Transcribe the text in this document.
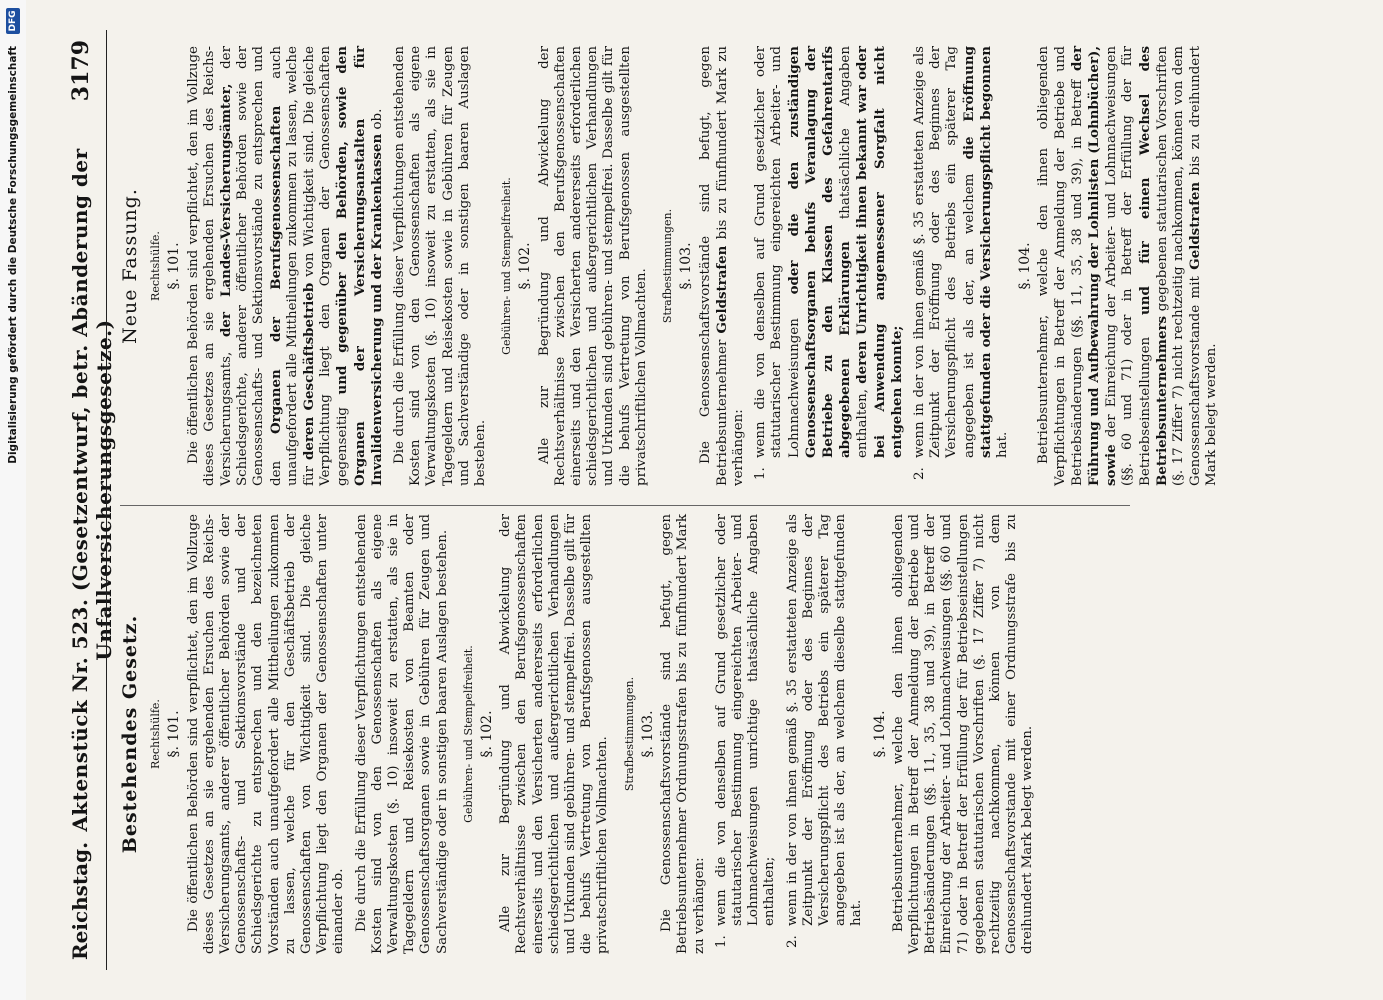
Digitalisierung gefördert durch die Deutsche Forschungsgemeinschaft
DFG
Reichstag.
Aktenstück Nr. 523. (Gesetzentwurf, betr. Abänderung der Unfallversicherungsgesetze.)
3179
Bestehendes Gesetz. Rechtshülfe. §. 101. Die öffentlichen Behörden sind verpflichtet, den im Vollzuge dieses Gesetzes an sie ergehenden Ersuchen des Reichs-Versicherungsamts, anderer öffentlicher Behörden sowie der Genossenschafts- und Sektionsvorstände und der Schiedsgerichte zu entsprechen und den bezeichneten Vorständen auch unaufgefordert alle Mittheilungen zukommen zu lassen, welche für den Geschäftsbetrieb der Genossenschaften von Wichtigkeit sind. Die gleiche Verpflichtung liegt den Organen der Genossenschaften unter einander ob. Die durch die Erfüllung dieser Verpflichtungen entstehenden Kosten sind von den Genossenschaften als eigene Verwaltungskosten (§. 10) insoweit zu erstatten, als sie in Tagegeldern und Reisekosten von Beamten oder Genossenschaftsorganen sowie in Gebühren für Zeugen und Sachverständige oder in sonstigen baaren Auslagen bestehen. Gebühren- und Stempelfreiheit. §. 102. Alle zur Begründung und Abwickelung der Rechtsverhältnisse zwischen den Berufsgenossenschaften einerseits und den Versicherten andererseits erforderlichen schiedsgerichtlichen und außergerichtlichen Verhandlungen und Urkunden sind gebühren- und stempelfrei. Dasselbe gilt für die behufs Vertretung von Berufsgenossen ausgestellten privatschriftlichen Vollmachten.

Strafbestimmungen. §. 103. Die Genossenschaftsvorstände sind befugt, gegen Betriebsunternehmer Ordnungsstrafen bis zu fünfhundert Mark zu verhängen: 1.
wenn die von denselben auf Grund gesetzlicher oder statutarischer Bestimmung eingereichten Arbeiter- und Lohnnachweisungen unrichtige thatsächliche Angaben enthalten;
2.
wenn in der von ihnen gemäß §. 35 erstatteten Anzeige als Zeitpunkt der Eröffnung oder des Beginnes der Versicherungspflicht des Betriebs ein späterer Tag angegeben ist als der, an welchem dieselbe stattgefunden hat.
§. 104. Betriebsunternehmer, welche den ihnen obliegenden Verpflichtungen in Betreff der Anmeldung der Betriebe und Betriebsänderungen (§§. 11, 35, 38 und 39), in Betreff der Einreichung der Arbeiter- und Lohnnachweisungen (§§. 60 und 71) oder in Betreff der Erfüllung der für Betriebseinstellungen gegebenen statutarischen Vorschriften (§. 17 Ziffer 7) nicht rechtzeitig nachkommen, können von dem Genossenschaftsvorstande mit einer Ordnungsstrafe bis zu dreihundert Mark belegt werden.

Neue Fassung. Rechtshülfe. §. 101. Die öffentlichen Behörden sind verpflichtet, den im Vollzuge dieses Gesetzes an sie ergehenden Ersuchen des Reichs-Versicherungsamts, der Landes-Versicherungsämter, der Schiedsgerichte, anderer öffentlicher Behörden sowie der Genossenschafts- und Sektionsvorstände zu entsprechen und den Organen der Berufsgenossenschaften auch unaufgefordert alle Mittheilungen zukommen zu lassen, welche für deren Geschäftsbetrieb von Wichtigkeit sind. Die gleiche Verpflichtung liegt den Organen der Genossenschaften gegenseitig und gegenüber den Behörden, sowie den Organen der Versicherungsanstalten für Invalidenversicherung und der Krankenkassen ob. Die durch die Erfüllung dieser Verpflichtungen entstehenden Kosten sind von den Genossenschaften als eigene Verwaltungskosten (§. 10) insoweit zu erstatten, als sie in Tagegeldern und Reisekosten sowie in Gebühren für Zeugen und Sachverständige oder in sonstigen baaren Auslagen bestehen.

Gebühren- und Stempelfreiheit. §. 102. Alle zur Begründung und Abwickelung der Rechtsverhältnisse zwischen den Berufsgenossenschaften einerseits und den Versicherten andererseits erforderlichen schiedsgerichtlichen und außergerichtlichen Verhandlungen und Urkunden sind gebühren- und stempelfrei. Dasselbe gilt für die behufs Vertretung von Berufsgenossen ausgestellten privatschriftlichen Vollmachten.

Strafbestimmungen. §. 103. Die Genossenschaftsvorstände sind befugt, gegen Betriebsunternehmer Geldstrafen bis zu fünfhundert Mark zu verhängen: 1.
wenn die von denselben auf Grund gesetzlicher oder statutarischer Bestimmung eingereichten Arbeiter- und Lohnnachweisungen oder die den zuständigen Genossenschaftsorganen behufs Veranlagung der Betriebe zu den Klassen des Gefahrentarifs abgegebenen Erklärungen thatsächliche Angaben enthalten, deren Unrichtigkeit ihnen bekannt war oder bei Anwendung angemessener Sorgfalt nicht entgehen konnte;
2.
wenn in der von ihnen gemäß §. 35 erstatteten Anzeige als Zeitpunkt der Eröffnung oder des Beginnes der Versicherungspflicht des Betriebs ein späterer Tag angegeben ist als der, an welchem die Eröffnung stattgefunden oder die Versicherungspflicht begonnen hat.
§. 104. Betriebsunternehmer, welche den ihnen obliegenden Verpflichtungen in Betreff der Anmeldung der Betriebe und Betriebsänderungen (§§. 11, 35, 38 und 39), in Betreff der Führung und Aufbewahrung der Lohnlisten (Lohnbücher), sowie der Einreichung der Arbeiter- und Lohnnachweisungen (§§. 60 und 71) oder in Betreff der Erfüllung der für Betriebseinstellungen und für einen Wechsel des Betriebsunternehmers gegebenen statutarischen Vorschriften (§. 17 Ziffer 7) nicht rechtzeitig nachkommen, können von dem Genossenschaftsvorstande mit Geldstrafen bis zu dreihundert Mark belegt werden.
